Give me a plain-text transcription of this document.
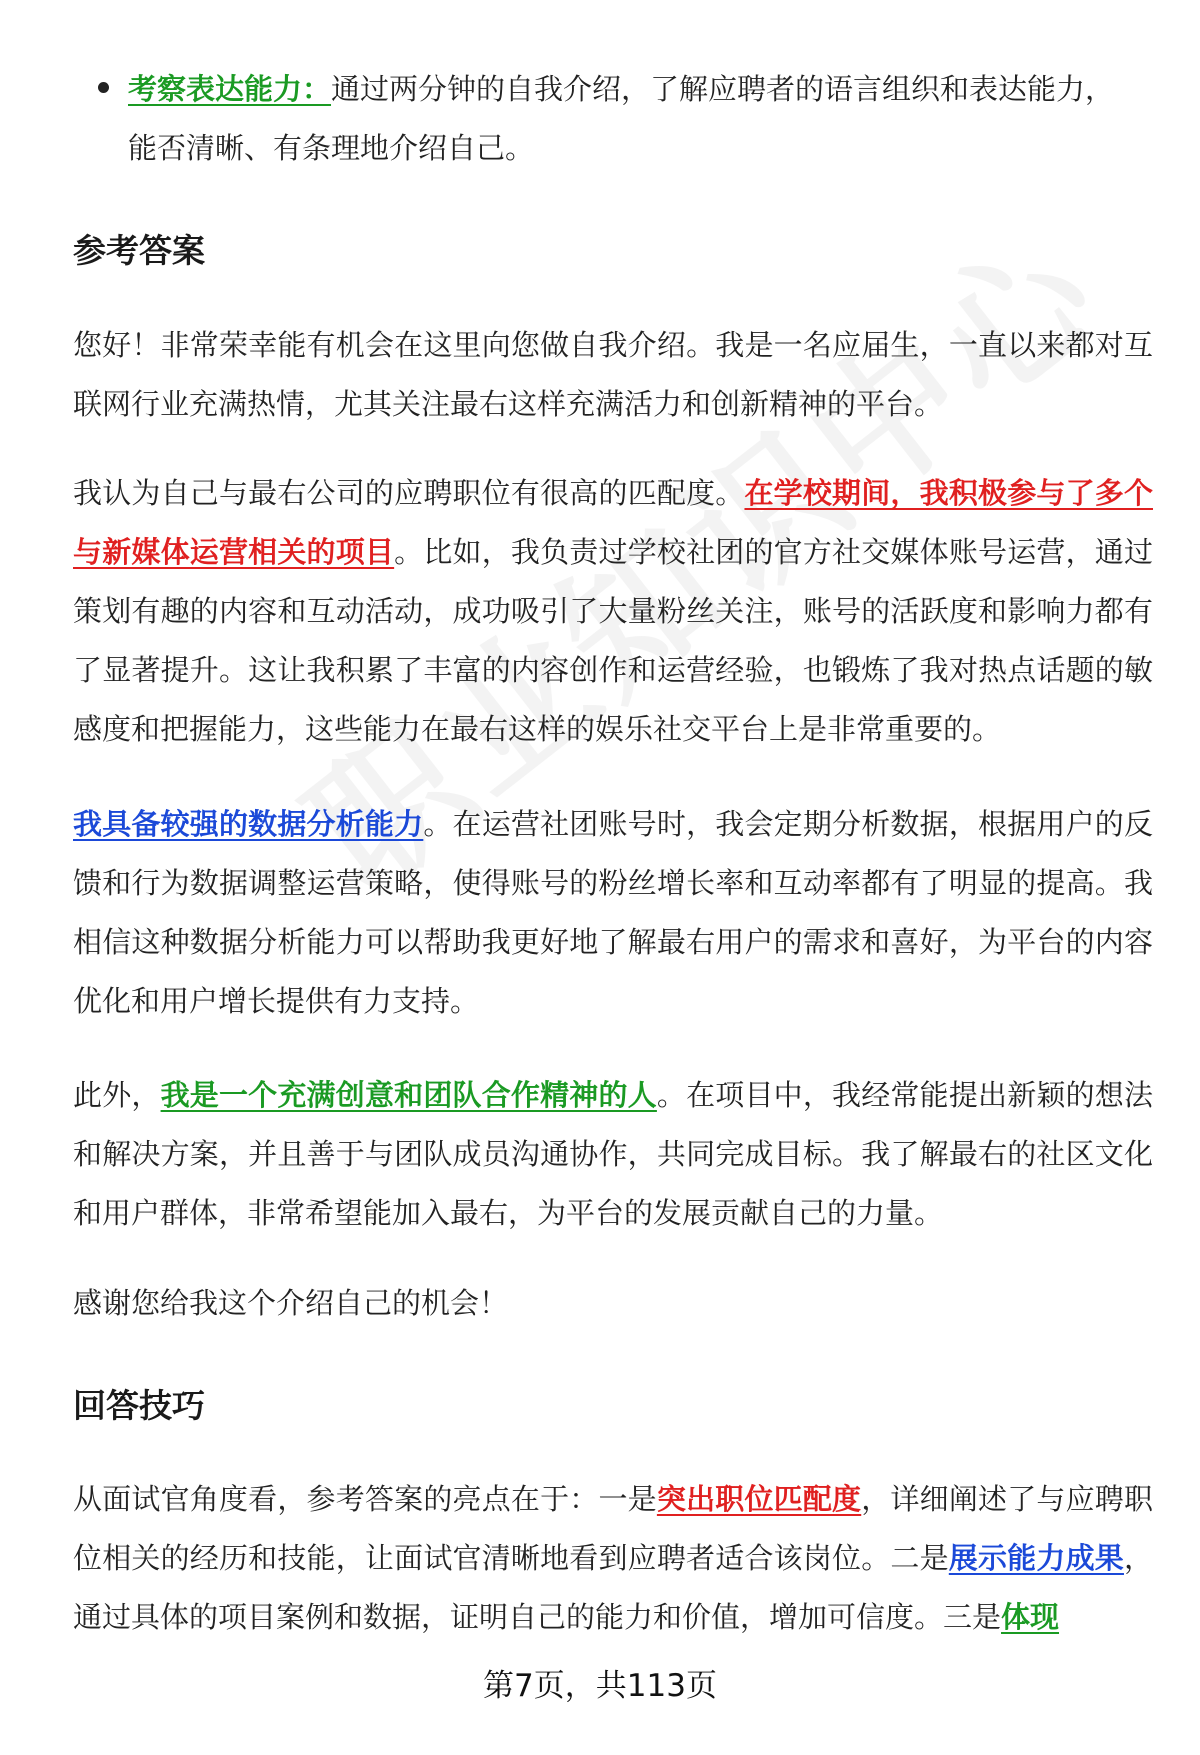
考察表达能力：通过两分钟的自我介绍，了解应聘者的语言组织和表达能力，能否清晰、有条理地介绍自己。
参考答案

您好！非常荣幸能有机会在这里向您做自我介绍。我是一名应届生，一直以来都对互联网行业充满热情，尤其关注最右这样充满活力和创新精神的平台。

我认为自己与最右公司的应聘职位有很高的匹配度。在学校期间，我积极参与了多个与新媒体运营相关的项目。比如，我负责过学校社团的官方社交媒体账号运营，通过策划有趣的内容和互动活动，成功吸引了大量粉丝关注，账号的活跃度和影响力都有了显著提升。这让我积累了丰富的内容创作和运营经验，也锻炼了我对热点话题的敏感度和把握能力，这些能力在最右这样的娱乐社交平台上是非常重要的。

我具备较强的数据分析能力。在运营社团账号时，我会定期分析数据，根据用户的反馈和行为数据调整运营策略，使得账号的粉丝增长率和互动率都有了明显的提高。我相信这种数据分析能力可以帮助我更好地了解最右用户的需求和喜好，为平台的内容优化和用户增长提供有力支持。

此外，我是一个充满创意和团队合作精神的人。在项目中，我经常能提出新颖的想法和解决方案，并且善于与团队成员沟通协作，共同完成目标。我了解最右的社区文化和用户群体，非常希望能加入最右，为平台的发展贡献自己的力量。

感谢您给我这个介绍自己的机会！

回答技巧

从面试官角度看，参考答案的亮点在于：一是突出职位匹配度，详细阐述了与应聘职位相关的经历和技能，让面试官清晰地看到应聘者适合该岗位。二是展示能力成果，通过具体的项目案例和数据，证明自己的能力和价值，增加可信度。三是体现

第7页，共113页
